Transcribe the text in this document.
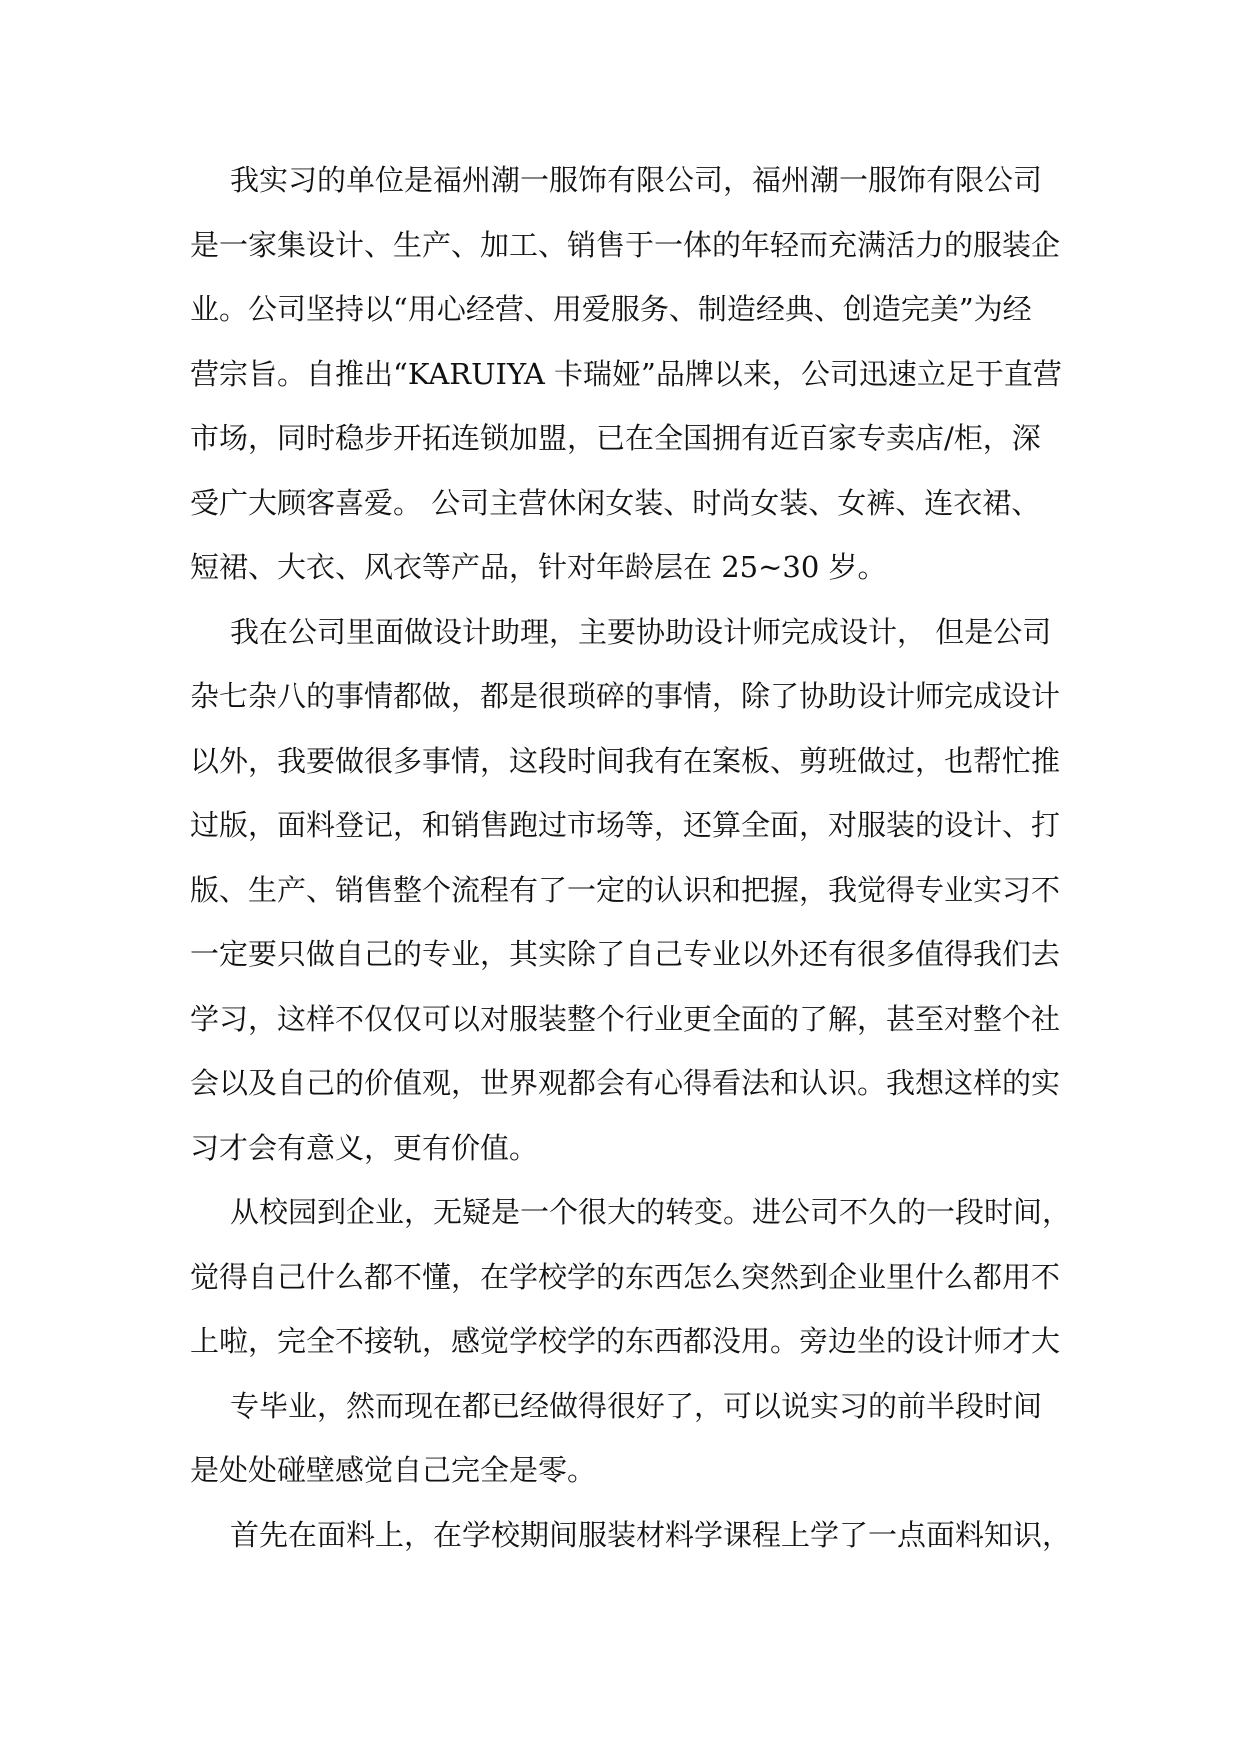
我实习的单位是福州潮一服饰有限公司，福州潮一服饰有限公司
是一家集设计、生产、加工、销售于一体的年轻而充满活力的服装企
业。公司坚持以“用心经营、用爱服务、制造经典、创造完美”为经
营宗旨。自推出“KARUIYA 卡瑞娅”品牌以来，公司迅速立足于直营
市场，同时稳步开拓连锁加盟，已在全国拥有近百家专卖店/柜，深
受广大顾客喜爱。 公司主营休闲女装、时尚女装、女裤、连衣裙、
短裙、大衣、风衣等产品，针对年龄层在 25~30 岁。
我在公司里面做设计助理，主要协助设计师完成设计， 但是公司
杂七杂八的事情都做，都是很琐碎的事情，除了协助设计师完成设计
以外，我要做很多事情，这段时间我有在案板、剪班做过，也帮忙推
过版，面料登记，和销售跑过市场等，还算全面，对服装的设计、打
版、生产、销售整个流程有了一定的认识和把握，我觉得专业实习不
一定要只做自己的专业，其实除了自己专业以外还有很多值得我们去
学习，这样不仅仅可以对服装整个行业更全面的了解，甚至对整个社
会以及自己的价值观，世界观都会有心得看法和认识。我想这样的实
习才会有意义，更有价值。
从校园到企业，无疑是一个很大的转变。进公司不久的一段时间，
觉得自己什么都不懂，在学校学的东西怎么突然到企业里什么都用不
上啦，完全不接轨，感觉学校学的东西都没用。旁边坐的设计师才大
专毕业，然而现在都已经做得很好了，可以说实习的前半段时间
是处处碰壁感觉自己完全是零。
首先在面料上，在学校期间服装材料学课程上学了一点面料知识，
